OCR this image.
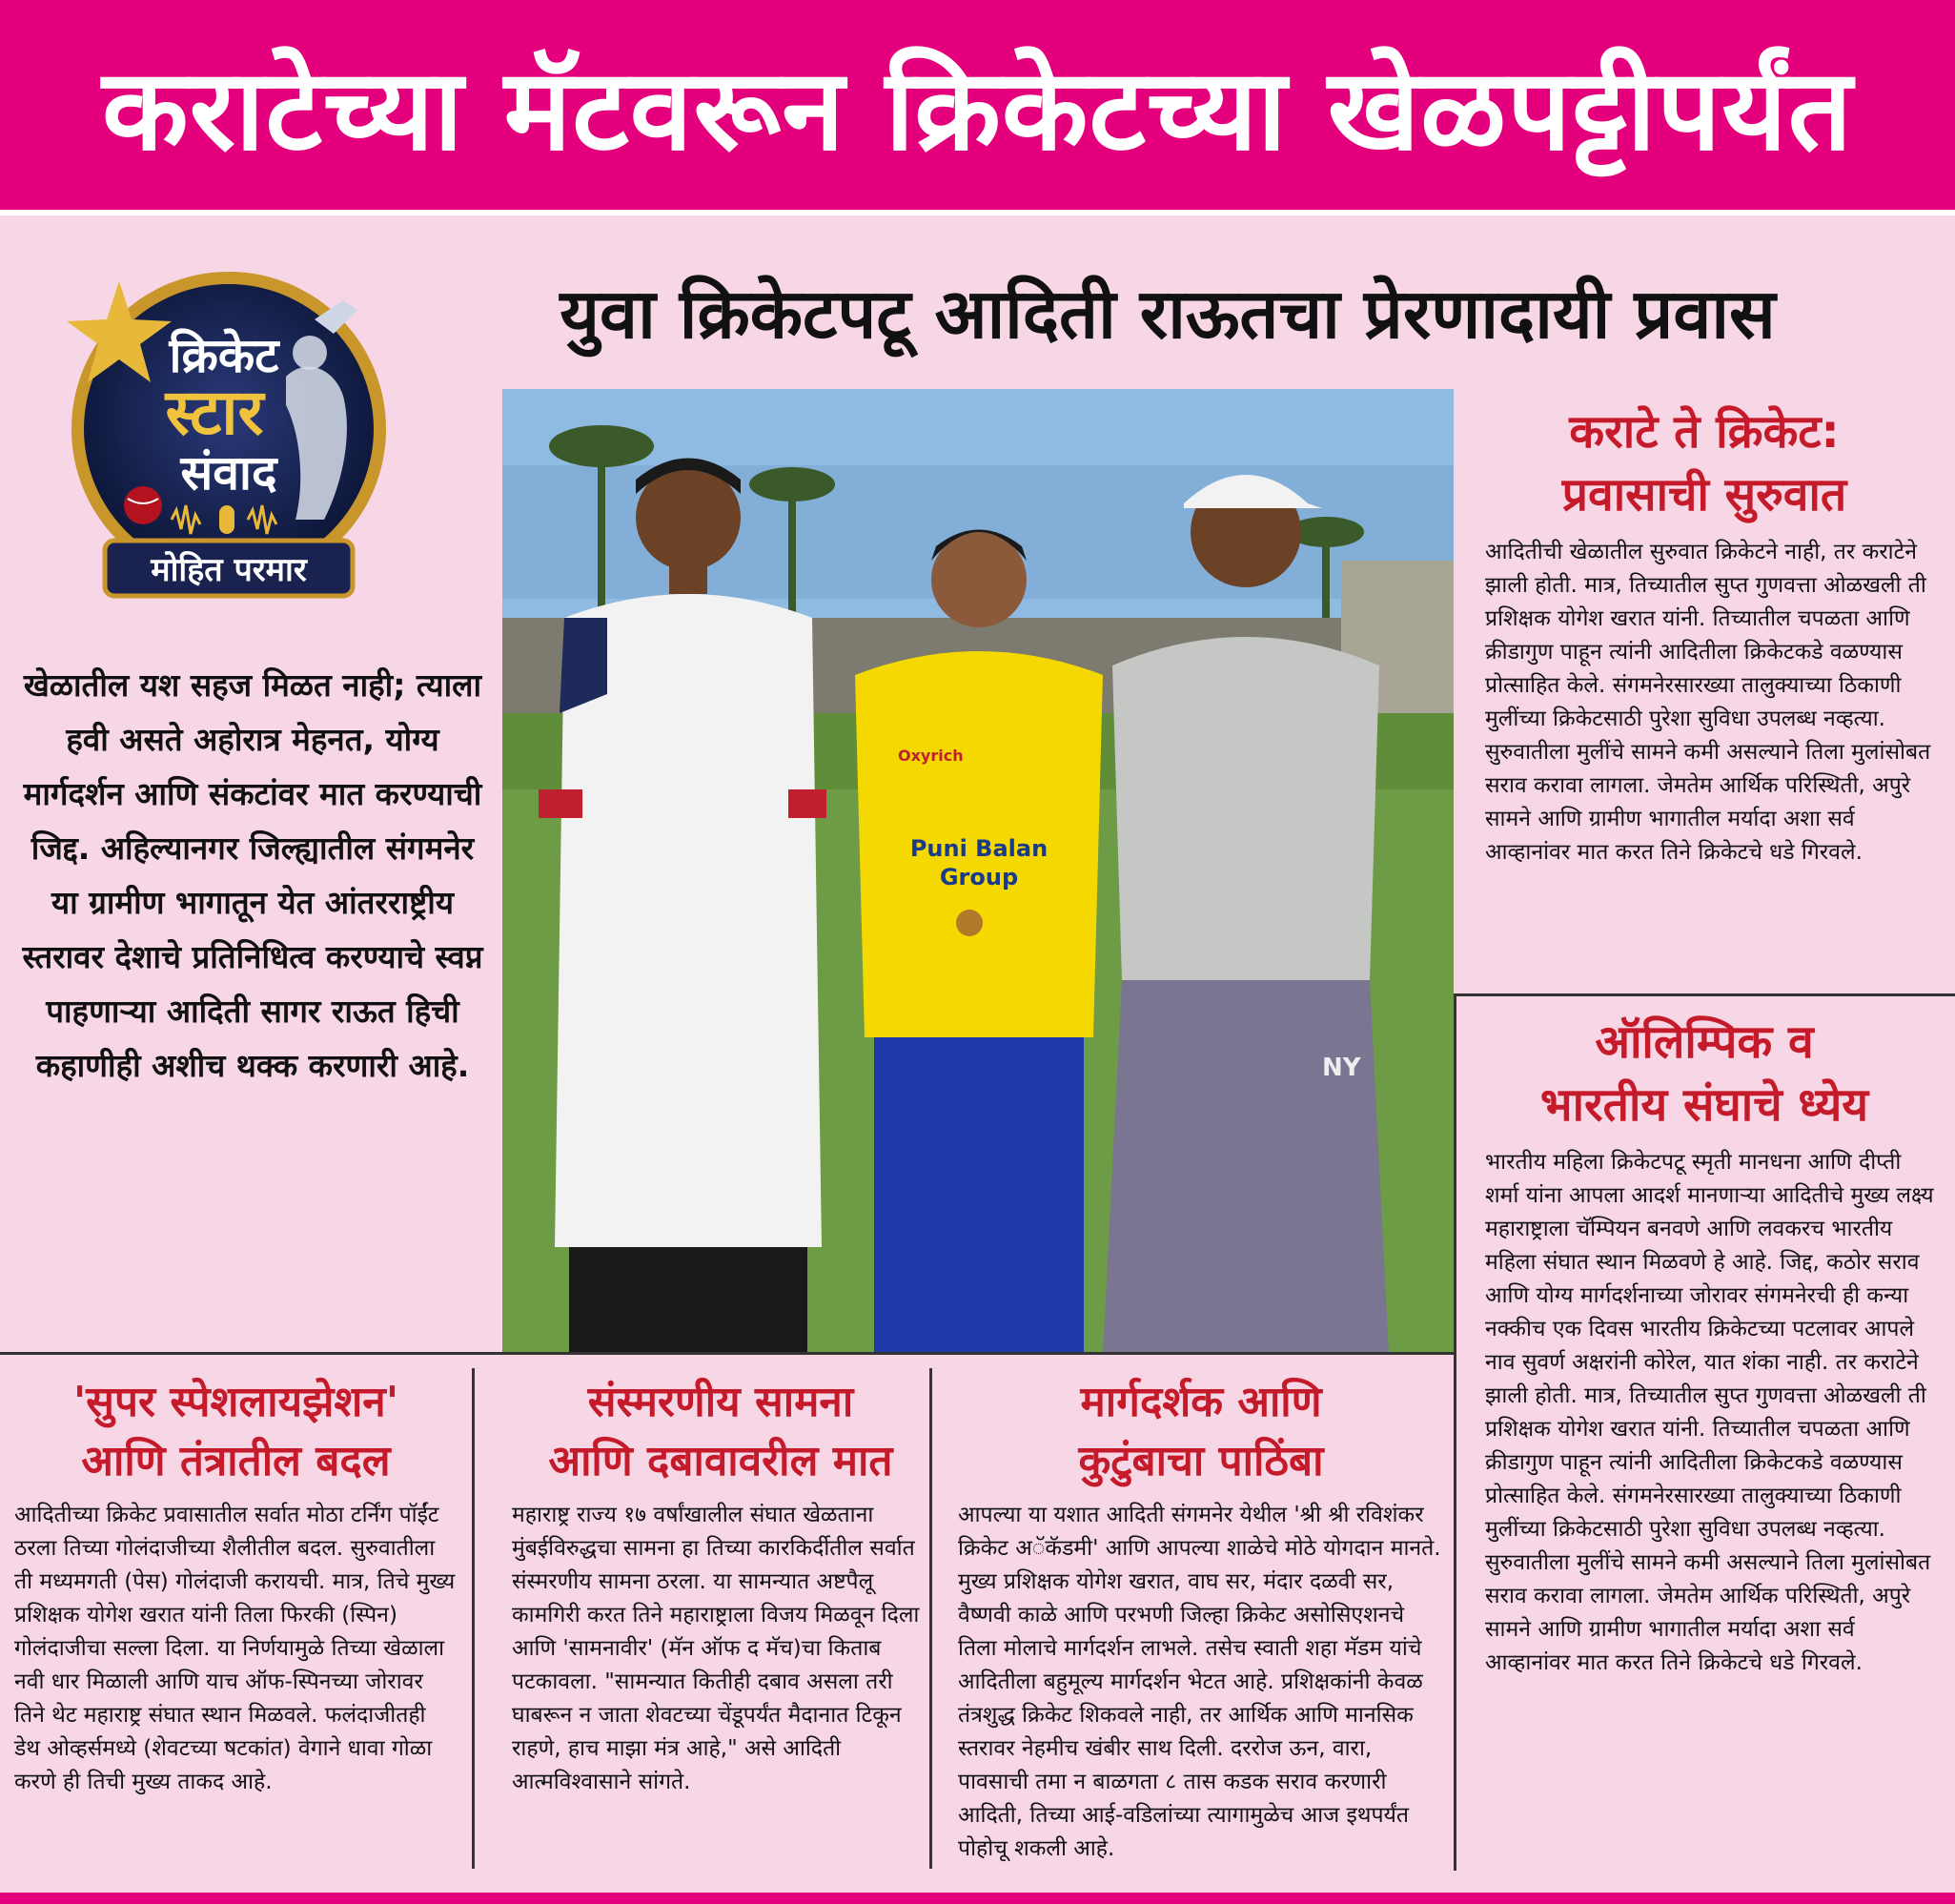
कराटेच्या मॅटवरून क्रिकेटच्या खेळपट्टीपर्यंत
क्रिकेट
स्टार
संवाद
मोहित परमार
युवा क्रिकेटपटू आदिती राऊतचा प्रेरणादायी प्रवास
खेळातील यश सहज मिळत नाही; त्याला हवी असते अहोरात्र मेहनत, योग्य मार्गदर्शन आणि संकटांवर मात करण्याची जिद्द. अहिल्यानगर जिल्ह्यातील संगमनेर या ग्रामीण भागातून येत आंतरराष्ट्रीय स्तरावर देशाचे प्रतिनिधित्व करण्याचे स्वप्न पाहणाऱ्या आदिती सागर राऊत हिची कहाणीही अशीच थक्क करणारी आहे.
Puni Balan
Group
Oxyrich
NY
कराटे ते क्रिकेट:
प्रवासाची सुरुवात
आदितीची खेळातील सुरुवात क्रिकेटने नाही, तर कराटेने झाली होती. मात्र, तिच्यातील सुप्त गुणवत्ता ओळखली ती प्रशिक्षक योगेश खरात यांनी. तिच्यातील चपळता आणि क्रीडागुण पाहून त्यांनी आदितीला क्रिकेटकडे वळण्यास प्रोत्साहित केले. संगमनेरसारख्या तालुक्याच्या ठिकाणी मुलींच्या क्रिकेटसाठी पुरेशा सुविधा उपलब्ध नव्हत्या. सुरुवातीला मुलींचे सामने कमी असल्याने तिला मुलांसोबत सराव करावा लागला. जेमतेम आर्थिक परिस्थिती, अपुरे सामने आणि ग्रामीण भागातील मर्यादा अशा सर्व आव्हानांवर मात करत तिने क्रिकेटचे धडे गिरवले.
ऑलिम्पिक व
भारतीय संघाचे ध्येय
भारतीय महिला क्रिकेटपटू स्मृती मानधना आणि दीप्ती शर्मा यांना आपला आदर्श मानणाऱ्या आदितीचे मुख्य लक्ष्य महाराष्ट्राला चॅम्पियन बनवणे आणि लवकरच भारतीय महिला संघात स्थान मिळवणे हे आहे. जिद्द, कठोर सराव आणि योग्य मार्गदर्शनाच्या जोरावर संगमनेरची ही कन्या नक्कीच एक दिवस भारतीय क्रिकेटच्या पटलावर आपले नाव सुवर्ण अक्षरांनी कोरेल, यात शंका नाही. तर कराटेने झाली होती. मात्र, तिच्यातील सुप्त गुणवत्ता ओळखली ती प्रशिक्षक योगेश खरात यांनी. तिच्यातील चपळता आणि क्रीडागुण पाहून त्यांनी आदितीला क्रिकेटकडे वळण्यास प्रोत्साहित केले. संगमनेरसारख्या तालुक्याच्या ठिकाणी मुलींच्या क्रिकेटसाठी पुरेशा सुविधा उपलब्ध नव्हत्या. सुरुवातीला मुलींचे सामने कमी असल्याने तिला मुलांसोबत सराव करावा लागला. जेमतेम आर्थिक परिस्थिती, अपुरे सामने आणि ग्रामीण भागातील मर्यादा अशा सर्व आव्हानांवर मात करत तिने क्रिकेटचे धडे गिरवले.
'सुपर स्पेशलायझेशन'
आणि तंत्रातील बदल
आदितीच्या क्रिकेट प्रवासातील सर्वात मोठा टर्निंग पॉईंट ठरला तिच्या गोलंदाजीच्या शैलीतील बदल. सुरुवातीला ती मध्यमगती (पेस) गोलंदाजी करायची. मात्र, तिचे मुख्य प्रशिक्षक योगेश खरात यांनी तिला फिरकी (स्पिन) गोलंदाजीचा सल्ला दिला. या निर्णयामुळे तिच्या खेळाला नवी धार मिळाली आणि याच ऑफ-स्पिनच्या जोरावर तिने थेट महाराष्ट्र संघात स्थान मिळवले. फलंदाजीतही डेथ ओव्हर्समध्ये (शेवटच्या षटकांत) वेगाने धावा गोळा करणे ही तिची मुख्य ताकद आहे.
संस्मरणीय सामना
आणि दबावावरील मात
महाराष्ट्र राज्य १७ वर्षांखालील संघात खेळताना मुंबईविरुद्धचा सामना हा तिच्या कारकिर्दीतील सर्वात संस्मरणीय सामना ठरला. या सामन्यात अष्टपैलू कामगिरी करत तिने महाराष्ट्राला विजय मिळवून दिला आणि 'सामनावीर' (मॅन ऑफ द मॅच)चा किताब पटकावला. "सामन्यात कितीही दबाव असला तरी घाबरून न जाता शेवटच्या चेंडूपर्यंत मैदानात टिकून राहणे, हाच माझा मंत्र आहे," असे आदिती आत्मविश्वासाने सांगते.
मार्गदर्शक आणि
कुटुंबाचा पाठिंबा
आपल्या या यशात आदिती संगमनेर येथील 'श्री श्री रविशंकर क्रिकेट अॅकॅडमी' आणि आपल्या शाळेचे मोठे योगदान मानते. मुख्य प्रशिक्षक योगेश खरात, वाघ सर, मंदार दळवी सर, वैष्णवी काळे आणि परभणी जिल्हा क्रिकेट असोसिएशनचे तिला मोलाचे मार्गदर्शन लाभले. तसेच स्वाती शहा मॅडम यांचे आदितीला बहुमूल्य मार्गदर्शन भेटत आहे. प्रशिक्षकांनी केवळ तंत्रशुद्ध क्रिकेट शिकवले नाही, तर आर्थिक आणि मानसिक स्तरावर नेहमीच खंबीर साथ दिली. दररोज ऊन, वारा, पावसाची तमा न बाळगता ८ तास कडक सराव करणारी आदिती, तिच्या आई-वडिलांच्या त्यागामुळेच आज इथपर्यंत पोहोचू शकली आहे.
